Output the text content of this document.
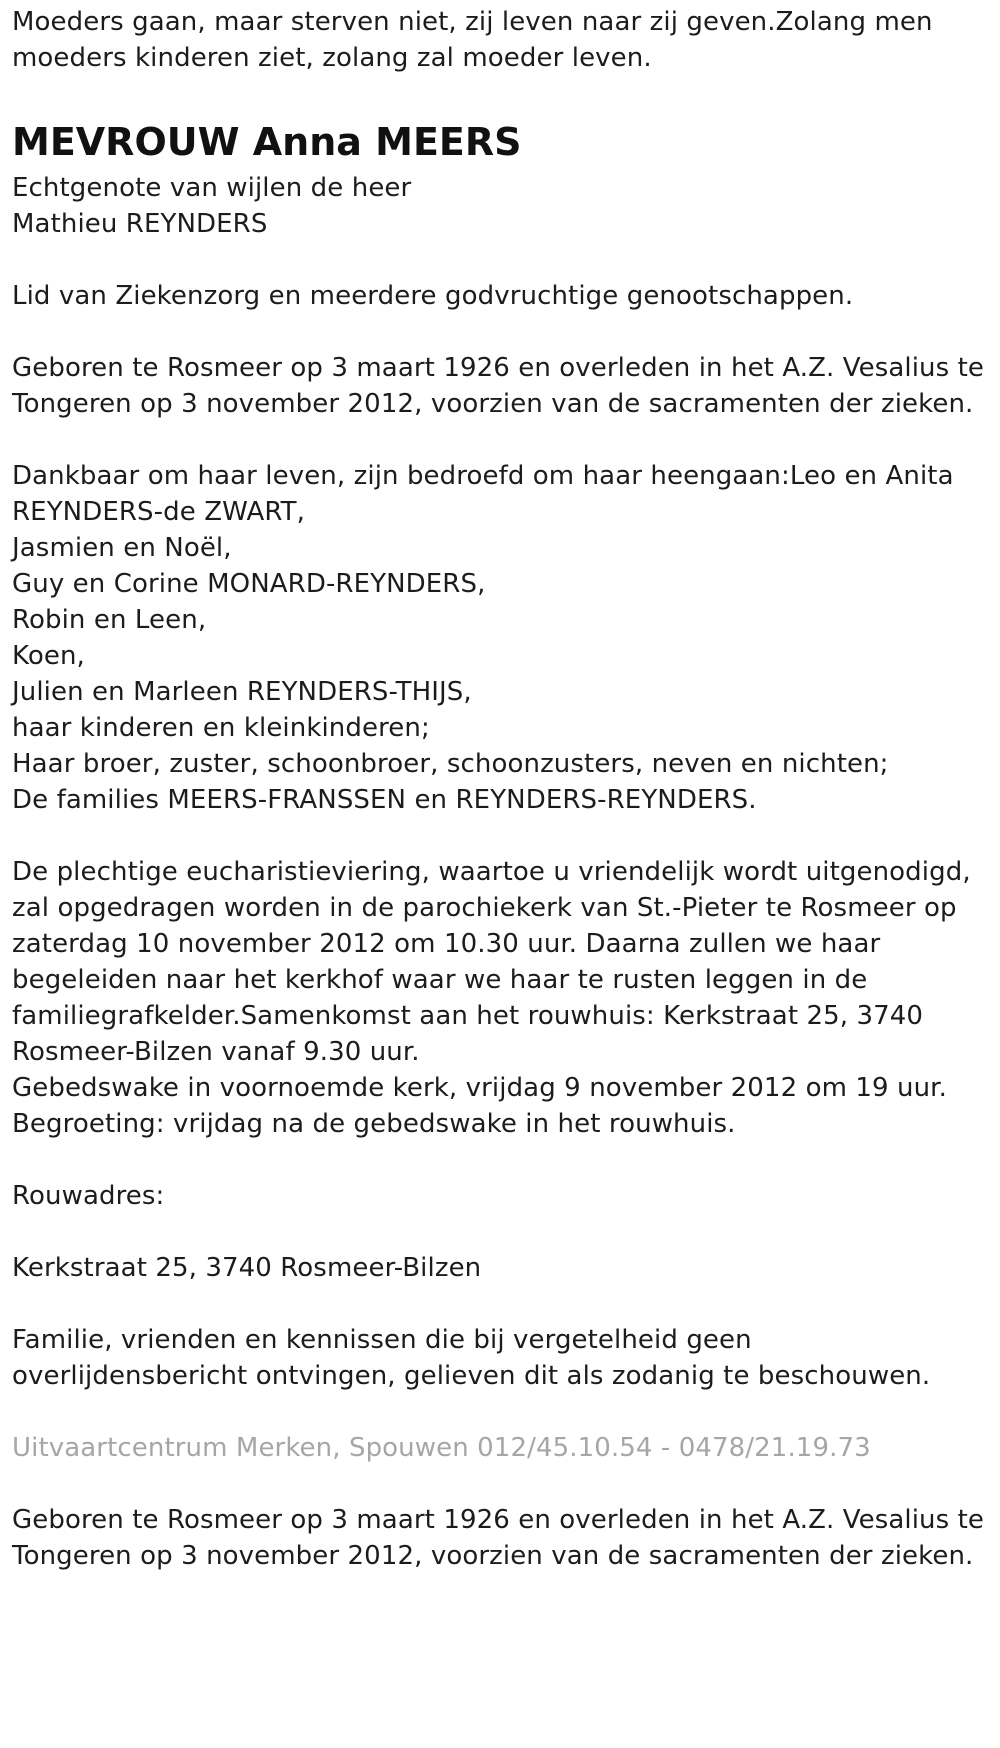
Moeders gaan, maar sterven niet, zij leven naar zij geven.Zolang men
moeders kinderen ziet, zolang zal moeder leven.
MEVROUW Anna MEERS
Echtgenote van wijlen de heer
Mathieu REYNDERS
Lid van Ziekenzorg en meerdere godvruchtige genootschappen.
Geboren te Rosmeer op 3 maart 1926 en overleden in het A.Z. Vesalius te
Tongeren op 3 november 2012, voorzien van de sacramenten der zieken.
Dankbaar om haar leven, zijn bedroefd om haar heengaan:Leo en Anita
REYNDERS-de ZWART,
Jasmien en Noël,
Guy en Corine MONARD-REYNDERS,
Robin en Leen,
Koen,
Julien en Marleen REYNDERS-THIJS,
haar kinderen en kleinkinderen;
Haar broer, zuster, schoonbroer, schoonzusters, neven en nichten;
De families MEERS-FRANSSEN en REYNDERS-REYNDERS.
De plechtige eucharistieviering, waartoe u vriendelijk wordt uitgenodigd,
zal opgedragen worden in de parochiekerk van St.-Pieter te Rosmeer op
zaterdag 10 november 2012 om 10.30 uur. Daarna zullen we haar
begeleiden naar het kerkhof waar we haar te rusten leggen in de
familiegrafkelder.Samenkomst aan het rouwhuis: Kerkstraat 25, 3740
Rosmeer-Bilzen vanaf 9.30 uur.
Gebedswake in voornoemde kerk, vrijdag 9 november 2012 om 19 uur.
Begroeting: vrijdag na de gebedswake in het rouwhuis.
Rouwadres:
Kerkstraat 25, 3740 Rosmeer-Bilzen
Familie, vrienden en kennissen die bij vergetelheid geen
overlijdensbericht ontvingen, gelieven dit als zodanig te beschouwen.
Uitvaartcentrum Merken, Spouwen 012/45.10.54 - 0478/21.19.73
Geboren te Rosmeer op 3 maart 1926 en overleden in het A.Z. Vesalius te
Tongeren op 3 november 2012, voorzien van de sacramenten der zieken.
